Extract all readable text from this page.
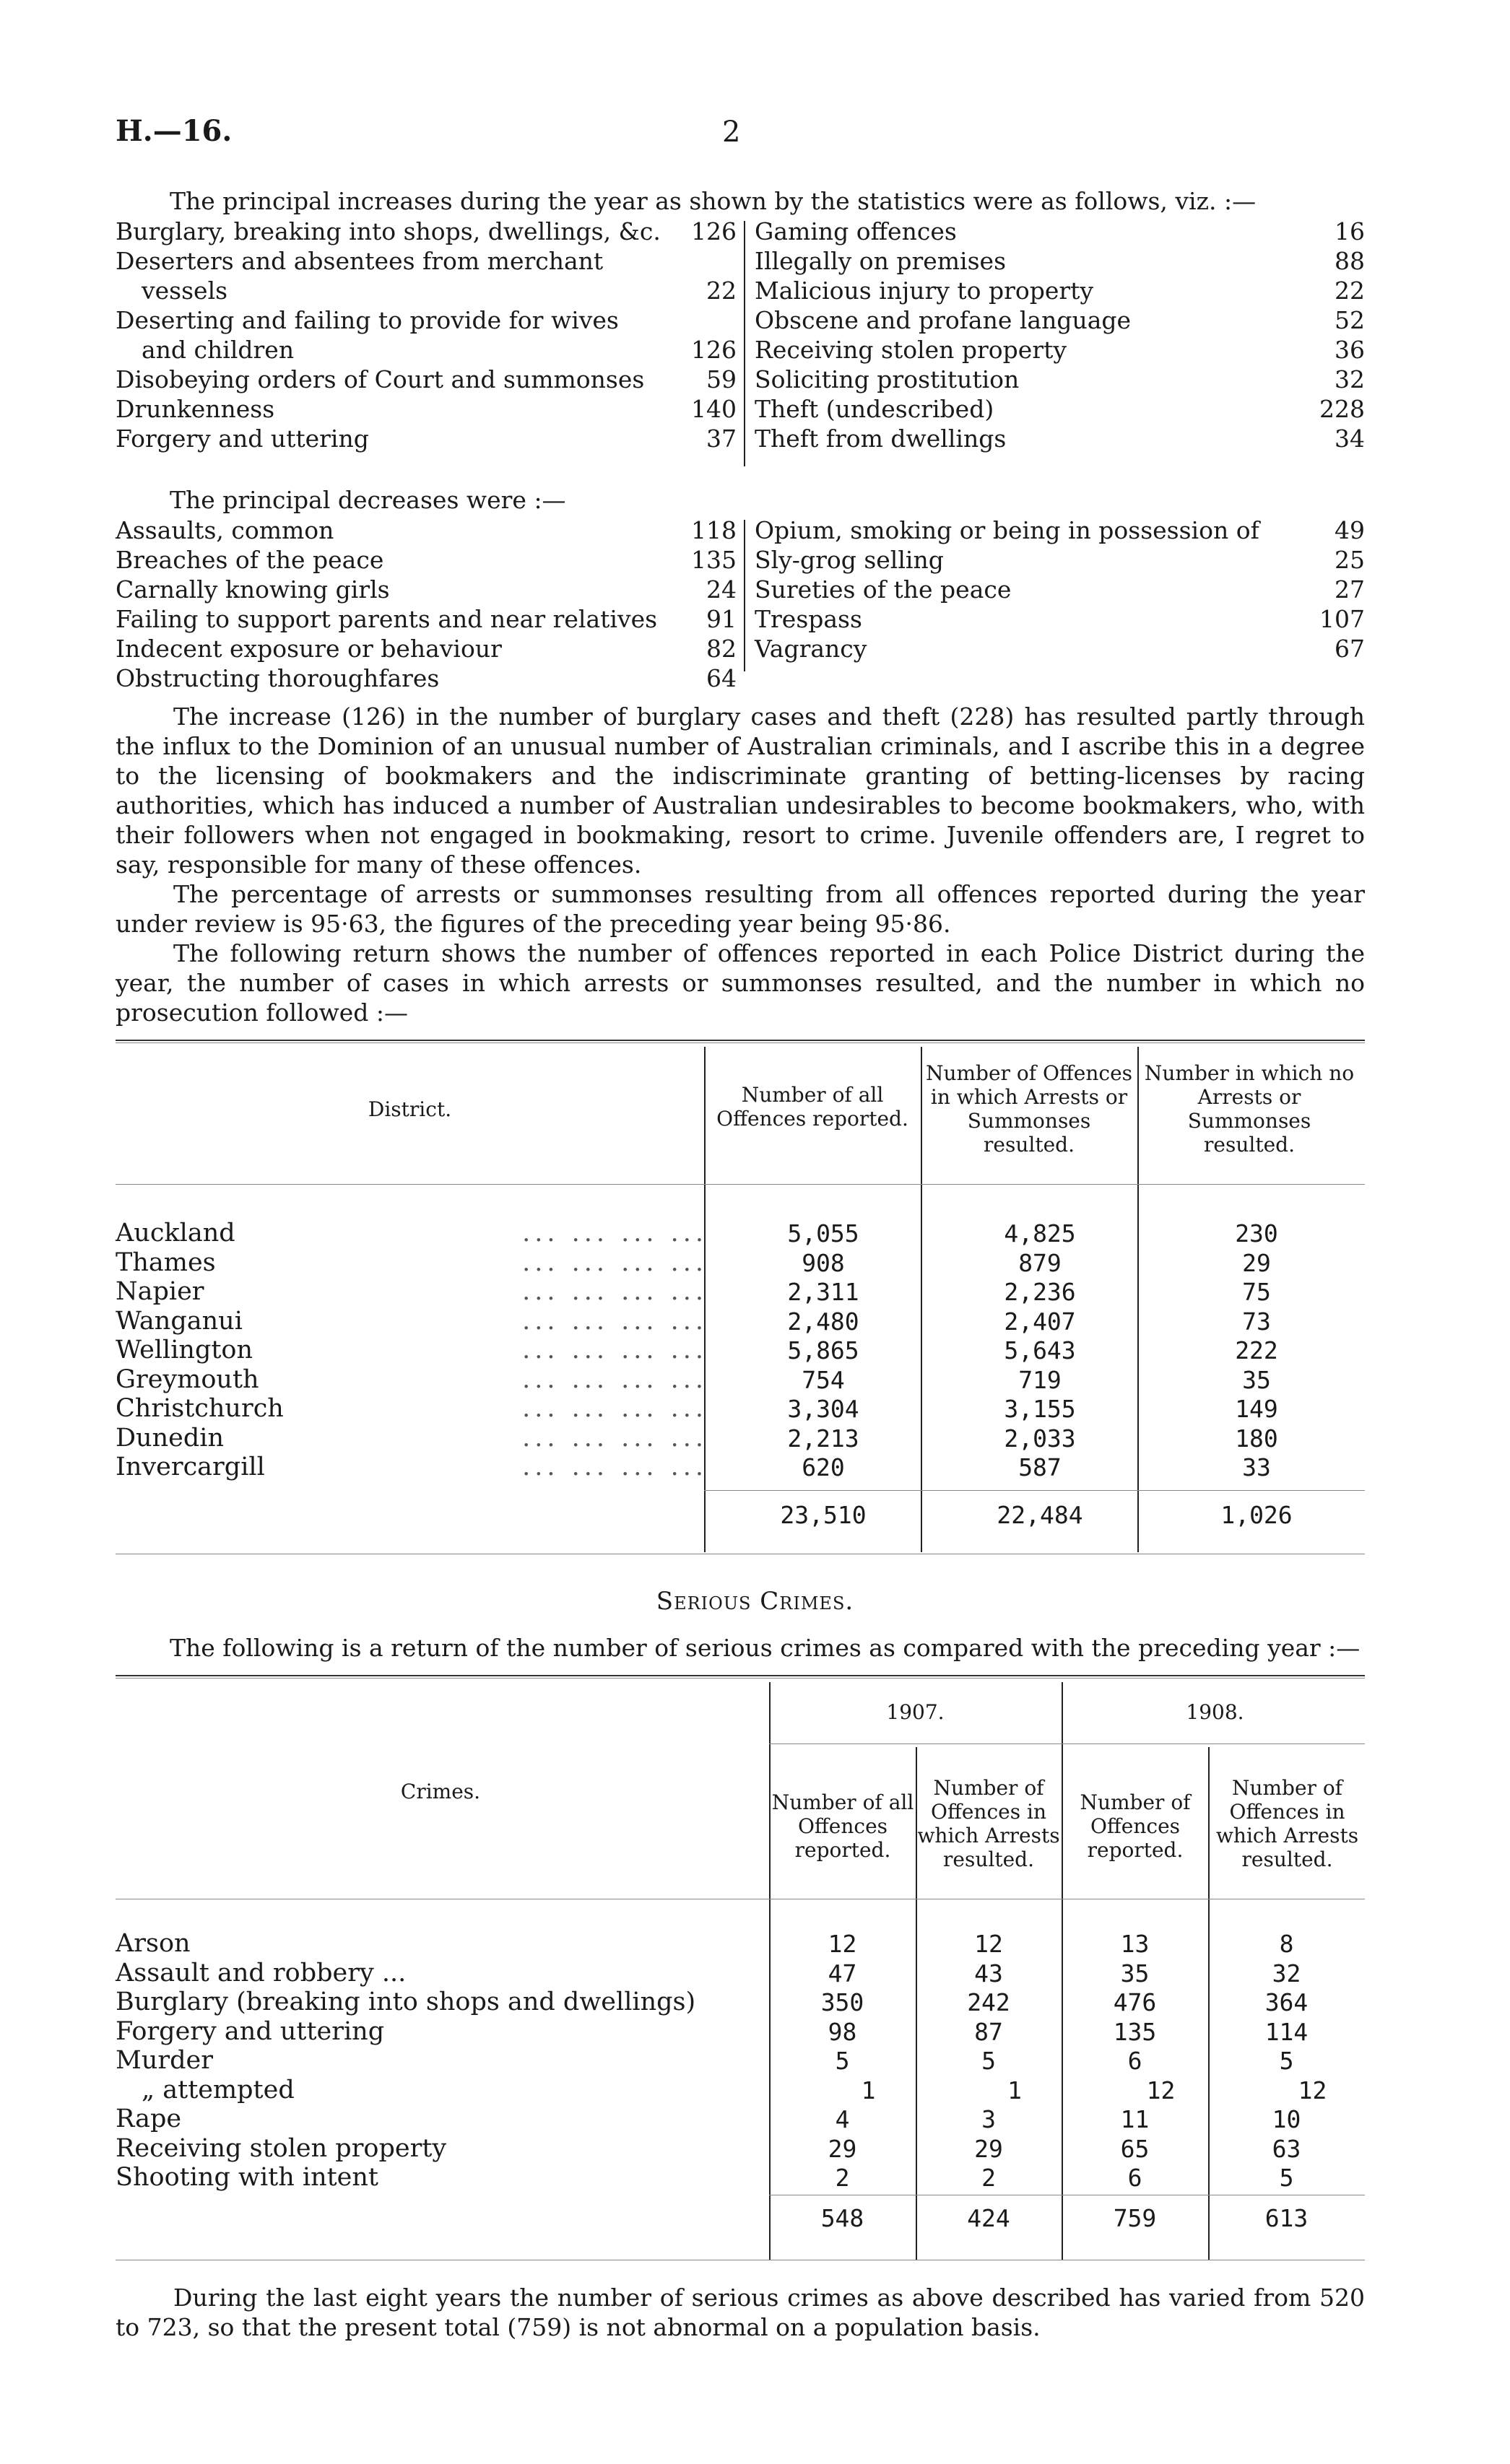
H.—16.	2
The principal increases during the year as shown by the statistics were as follows, viz. :—
Burglary, breaking into shops, dwellings, &c.	126
Deserters and absentees from merchant
vessels	22
Deserting and failing to provide for wives
and children	126
Disobeying orders of Court and summonses	59
Drunkenness	140
Forgery and uttering	37
Gaming offences	16
Illegally on premises	88
Malicious injury to property	22
Obscene and profane language	52
Receiving stolen property	36
Soliciting prostitution	32
Theft (undescribed)	228
Theft from dwellings	34
The principal decreases were :—
Assaults, common	118
Breaches of the peace	135
Carnally knowing girls	24
Failing to support parents and near relatives	91
Indecent exposure or behaviour	82
Obstructing thoroughfares	64
Opium, smoking or being in possession of	49
Sly-grog selling	25
Sureties of the peace	27
Trespass	107
Vagrancy	67
The increase (126) in the number of burglary cases and theft (228) has resulted partly through the influx to the Dominion of an unusual number of Australian criminals, and I ascribe this in a degree to the licensing of bookmakers and the indiscriminate granting of betting-licenses by racing authorities, which has induced a number of Australian undesirables to become bookmakers, who, with their followers when not engaged in bookmaking, resort to crime. Juvenile offenders are, I regret to say, responsible for many of these offences.
The percentage of arrests or summonses resulting from all offences reported during the year under review is 95·63, the figures of the preceding year being 95·86.
The following return shows the number of offences reported in each Police District during the year, the number of cases in which arrests or summonses resulted, and the number in which no prosecution followed :—
District.
Number of all Offences reported.
Number of Offences in which Arrests or Summonses resulted.
Number in which no Arrests or Summonses resulted.
Auckland	... ... ... ...	5,055	4,825	230
Thames	... ... ... ...	908	879	29
Napier	... ... ... ...	2,311	2,236	75
Wanganui	... ... ... ...	2,480	2,407	73
Wellington	... ... ... ...	5,865	5,643	222
Greymouth	... ... ... ...	754	719	35
Christchurch	... ... ... ...	3,304	3,155	149
Dunedin	... ... ... ...	2,213	2,033	180
Invercargill	... ... ... ...	620	587	33
23,510	22,484	1,026
Serious Crimes.
The following is a return of the number of serious crimes as compared with the preceding year :—
Crimes.
1907.	1908.
Number of all Offences reported.
Number of Offences in which Arrests resulted.
Number of Offences reported.
Number of Offences in which Arrests resulted.
Arson	12	12	13	8
Assault and robbery ...	47	43	35	32
Burglary (breaking into shops and dwellings)	350	242	476	364
Forgery and uttering	98	87	135	114
Murder	5	5	6	5
„ attempted	1	1	12	12
Rape	4	3	11	10
Receiving stolen property	29	29	65	63
Shooting with intent	2	2	6	5
548	424	759	613
During the last eight years the number of serious crimes as above described has varied from 520 to 723, so that the present total (759) is not abnormal on a population basis.
